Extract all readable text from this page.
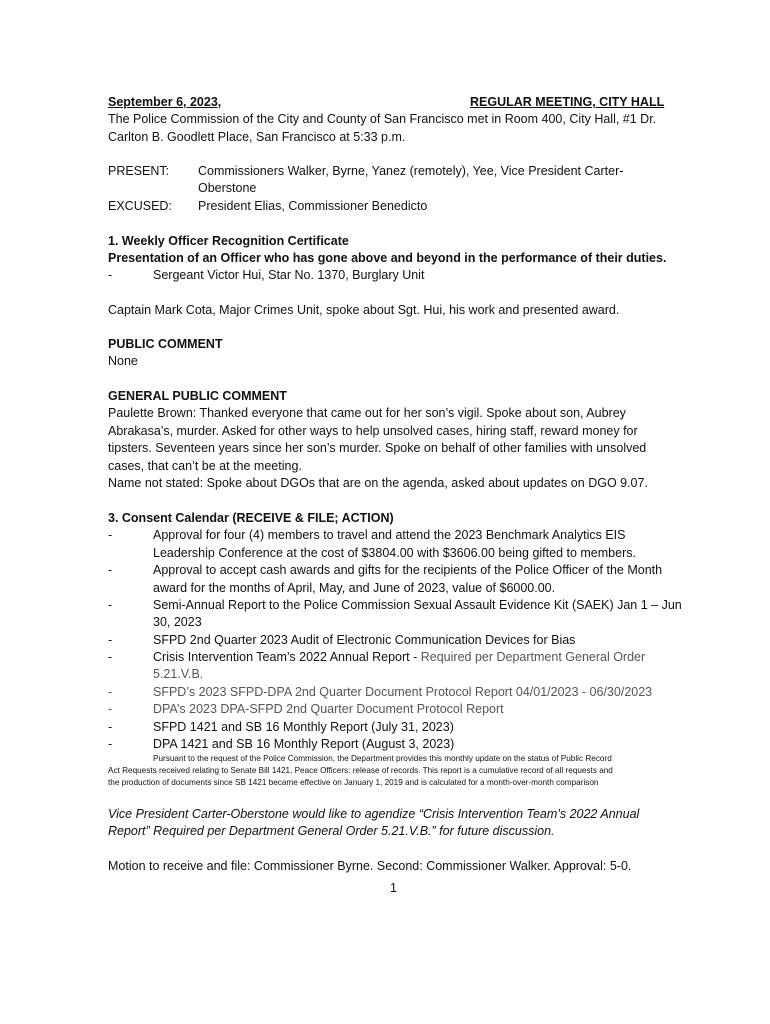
September 6, 2023,	REGULAR MEETING, CITY HALL
The Police Commission of the City and County of San Francisco met in Room 400, City Hall, #1 Dr.
Carlton B. Goodlett Place, San Francisco at 5:33 p.m.
PRESENT: Commissioners Walker, Byrne, Yanez (remotely), Yee, Vice President Carter-
Oberstone
EXCUSED: President Elias, Commissioner Benedicto
1. Weekly Officer Recognition Certificate
Presentation of an Officer who has gone above and beyond in the performance of their duties.
-	Sergeant Victor Hui, Star No. 1370, Burglary Unit
Captain Mark Cota, Major Crimes Unit, spoke about Sgt. Hui, his work and presented award.
PUBLIC COMMENT
None
GENERAL PUBLIC COMMENT
Paulette Brown: Thanked everyone that came out for her son’s vigil. Spoke about son, Aubrey
Abrakasa’s, murder. Asked for other ways to help unsolved cases, hiring staff, reward money for
tipsters. Seventeen years since her son’s murder. Spoke on behalf of other families with unsolved
cases, that can’t be at the meeting.
Name not stated: Spoke about DGOs that are on the agenda, asked about updates on DGO 9.07.
3. Consent Calendar (RECEIVE & FILE; ACTION)
-	Approval for four (4) members to travel and attend the 2023 Benchmark Analytics EIS
Leadership Conference at the cost of $3804.00 with $3606.00 being gifted to members.
-	Approval to accept cash awards and gifts for the recipients of the Police Officer of the Month
award for the months of April, May, and June of 2023, value of $6000.00.
-	Semi-Annual Report to the Police Commission Sexual Assault Evidence Kit (SAEK) Jan 1 – Jun
30, 2023
-	SFPD 2nd Quarter 2023 Audit of Electronic Communication Devices for Bias
-	Crisis Intervention Team’s 2022 Annual Report - Required per Department General Order
5.21.V.B.
-	SFPD’s 2023 SFPD-DPA 2nd Quarter Document Protocol Report 04/01/2023 - 06/30/2023
-	DPA’s 2023 DPA-SFPD 2nd Quarter Document Protocol Report
-	SFPD 1421 and SB 16 Monthly Report (July 31, 2023)
-	DPA 1421 and SB 16 Monthly Report (August 3, 2023)
Pursuant to the request of the Police Commission, the Department provides this monthly update on the status of Public Record
Act Requests received relating to Senate Bill 1421, Peace Officers: release of records. This report is a cumulative record of all requests and
the production of documents since SB 1421 became effective on January 1, 2019 and is calculated for a month-over-month comparison
Vice President Carter-Oberstone would like to agendize “Crisis Intervention Team’s 2022 Annual
Report” Required per Department General Order 5.21.V.B.” for future discussion.
Motion to receive and file: Commissioner Byrne. Second: Commissioner Walker. Approval: 5-0.
1
